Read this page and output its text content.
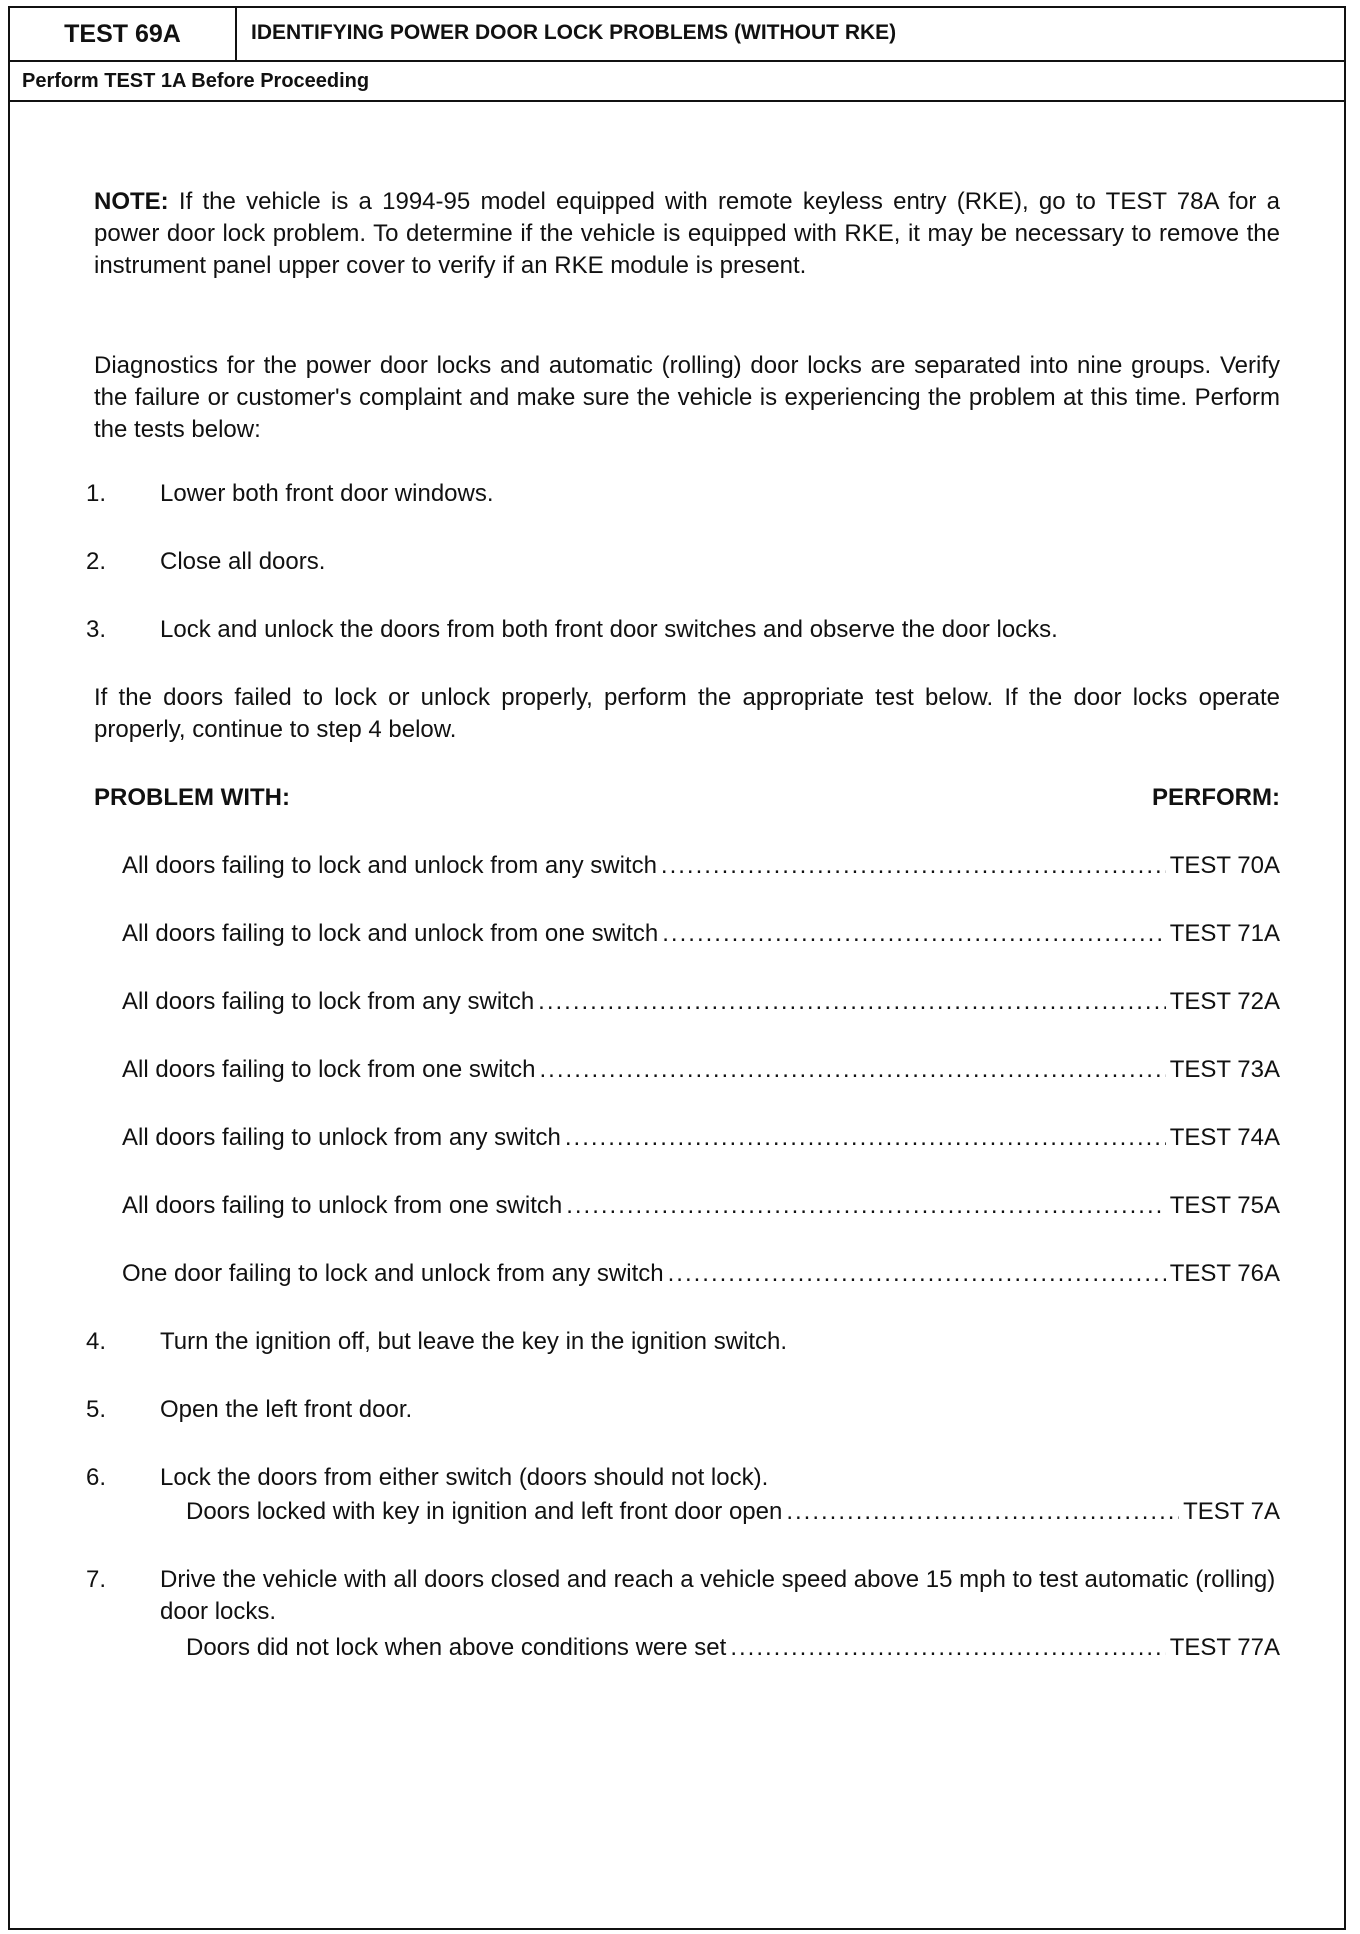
TEST 69A	IDENTIFYING POWER DOOR LOCK PROBLEMS (WITHOUT RKE)
Perform TEST 1A Before Proceeding
NOTE: If the vehicle is a 1994-95 model equipped with remote keyless entry (RKE), go to TEST 78A for a power door lock problem. To determine if the vehicle is equipped with RKE, it may be necessary to remove the instrument panel upper cover to verify if an RKE module is present.
Diagnostics for the power door locks and automatic (rolling) door locks are separated into nine groups. Verify the failure or customer's complaint and make sure the vehicle is experiencing the problem at this time. Perform the tests below:
1.	Lower both front door windows.
2.	Close all doors.
3.	Lock and unlock the doors from both front door switches and observe the door locks.
If the doors failed to lock or unlock properly, perform the appropriate test below. If the door locks operate properly, continue to step 4 below.
PROBLEM WITH:	PERFORM:
All doors failing to lock and unlock from any switch .....	TEST 70A
All doors failing to lock and unlock from one switch .....	TEST 71A
All doors failing to lock from any switch .....	TEST 72A
All doors failing to lock from one switch .....	TEST 73A
All doors failing to unlock from any switch .....	TEST 74A
All doors failing to unlock from one switch .....	TEST 75A
One door failing to lock and unlock from any switch .....	TEST 76A
4.	Turn the ignition off, but leave the key in the ignition switch.
5.	Open the left front door.
6.	Lock the doors from either switch (doors should not lock).
Doors locked with key in ignition and left front door open .....	TEST 7A
7.	Drive the vehicle with all doors closed and reach a vehicle speed above 15 mph to test automatic (rolling) door locks.
Doors did not lock when above conditions were set .....	TEST 77A
